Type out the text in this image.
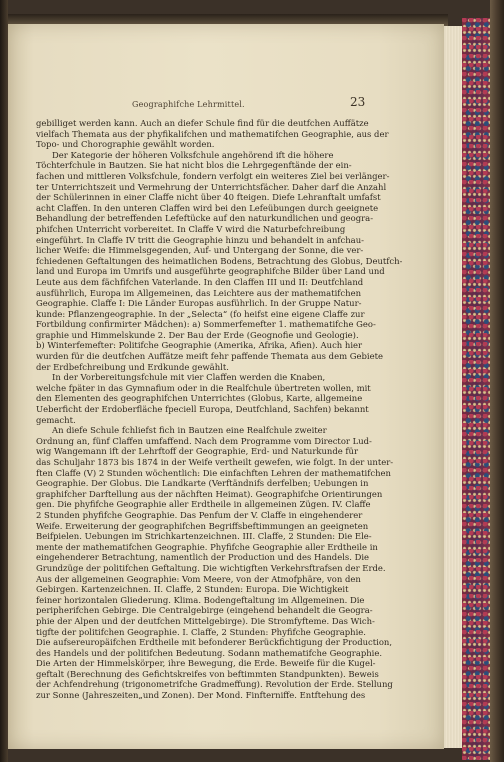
Geographifche Lehrmittel.	23
gebilliget werden kann. Auch an diefer Schule find für die deutfchen Auffätze
vielfach Themata aus der phyfikalifchen und mathematifchen Geographie, aus der
Topo- und Chorographie gewählt worden.
Der Kategorie der höheren Volksfchule angehörend ift die höhere
Töchterfchule in Bautzen. Sie hat nicht blos die Lehrgegenftände der ein-
fachen und mittleren Volksfchule, fondern verfolgt ein weiteres Ziel bei verlänger-
ter Unterrichtszeit und Vermehrung der Unterrichtsfächer. Daher darf die Anzahl
der Schülerinnen in einer Claffe nicht über 40 fteigen. Diefe Lehranftalt umfafst
acht Claffen. In den unteren Claffen wird bei den Lefeübungen durch geeignete
Behandlung der betreffenden Lefeftücke auf den naturkundlichen und geogra-
phifchen Unterricht vorbereitet. In Claffe V wird die Naturbefchreibung
eingeführt. In Claffe IV tritt die Geographie hinzu und behandelt in anfchau-
licher Weife: die Himmelsgegenden, Auf- und Untergang der Sonne, die ver-
fchiedenen Geftaltungen des heimatlichen Bodens, Betrachtung des Globus, Deutfch-
land und Europa im Umrifs und ausgeführte geographifche Bilder über Land und
Leute aus dem fächfifchen Vaterlande. In den Claffen III und II: Deutfchland
ausführlich, Europa im Allgemeinen, das Leichtere aus der mathematifchen
Geographie. Claffe I: Die Länder Europas ausführlich. In der Gruppe Natur-
kunde: Pflanzengeographie. In der „Selecta“ (fo heifst eine eigene Claffe zur
Fortbildung confirmirter Mädchen): a) Sommerfemefter 1. mathematifche Geo-
graphie und Himmelskunde 2. Der Bau der Erde (Geognofie und Geologie).
b) Winterfemefter: Politifche Geographie (Amerika, Afrika, Afien). Auch hier
wurden für die deutfchen Auffätze meift fehr paffende Themata aus dem Gebiete
der Erdbefchreibung und Erdkunde gewählt.
In der Vorbereitungsfchule mit vier Claffen werden die Knaben,
welche fpäter in das Gymnafium oder in die Realfchule übertreten wollen, mit
den Elementen des geographifchen Unterrichtes (Globus, Karte, allgemeine
Ueberficht der Erdoberfläche fpeciell Europa, Deutfchland, Sachfen) bekannt
gemacht.
An diefe Schule fchliefst fich in Bautzen eine Realfchule zweiter
Ordnung an, fünf Claffen umfaffend. Nach dem Programme vom Director Lud-
wig Wangemann ift der Lehrftoff der Geographie, Erd- und Naturkunde für
das Schuljahr 1873 bis 1874 in der Weife vertheilt gewefen, wie folgt. In der unter-
ften Claffe (V) 2 Stunden wöchentlich: Die einfachften Lehren der mathematifchen
Geographie. Der Globus. Die Landkarte (Verftändnifs derfelben; Uebungen in
graphifcher Darftellung aus der nächften Heimat). Geographifche Orientirungen
gen. Die phyfifche Geographie aller Erdtheile in allgemeinen Zügen. IV. Claffe
2 Stunden phyfifche Geographie. Das Penfum der V. Claffe in eingehenderer
Weife. Erweiterung der geographifchen Begriffsbeftimmungen an geeigneten
Beifpielen. Uebungen im Strichkartenzeichnen. III. Claffe, 2 Stunden: Die Ele-
mente der mathematifchen Geographie. Phyfifche Geographie aller Erdtheile in
eingehenderer Betrachtung, namentlich der Production und des Handels. Die
Grundzüge der politifchen Geftaltung. Die wichtigften Verkehrsftrafsen der Erde.
Aus der allgemeinen Geographie: Vom Meere, von der Atmofphäre, von den
Gebirgen. Kartenzeichnen. II. Claffe, 2 Stunden: Europa. Die Wichtigkeit
feiner horizontalen Gliederung. Klima. Bodengeftaltung im Allgemeinen. Die
peripherifchen Gebirge. Die Centralgebirge (eingehend behandelt die Geogra-
phie der Alpen und der deutfchen Mittelgebirge). Die Stromfyfteme. Das Wich-
tigfte der politifchen Geographie. I. Claffe, 2 Stunden: Phyfifche Geographie.
Die aufsereuropäifchen Erdtheile mit befonderer Berückfichtigung der Production,
des Handels und der politifchen Bedeutung. Sodann mathematifche Geographie.
Die Arten der Himmelskörper, ihre Bewegung, die Erde. Beweife für die Kugel-
geftalt (Berechnung des Gefichtskreifes von beftimmten Standpunkten). Beweis
der Achfendrehung (trigonometrifche Gradmeffung). Revolution der Erde. Stellung
zur Sonne (Jahreszeiten„und Zonen). Der Mond. Finfterniffe. Entftehung des
